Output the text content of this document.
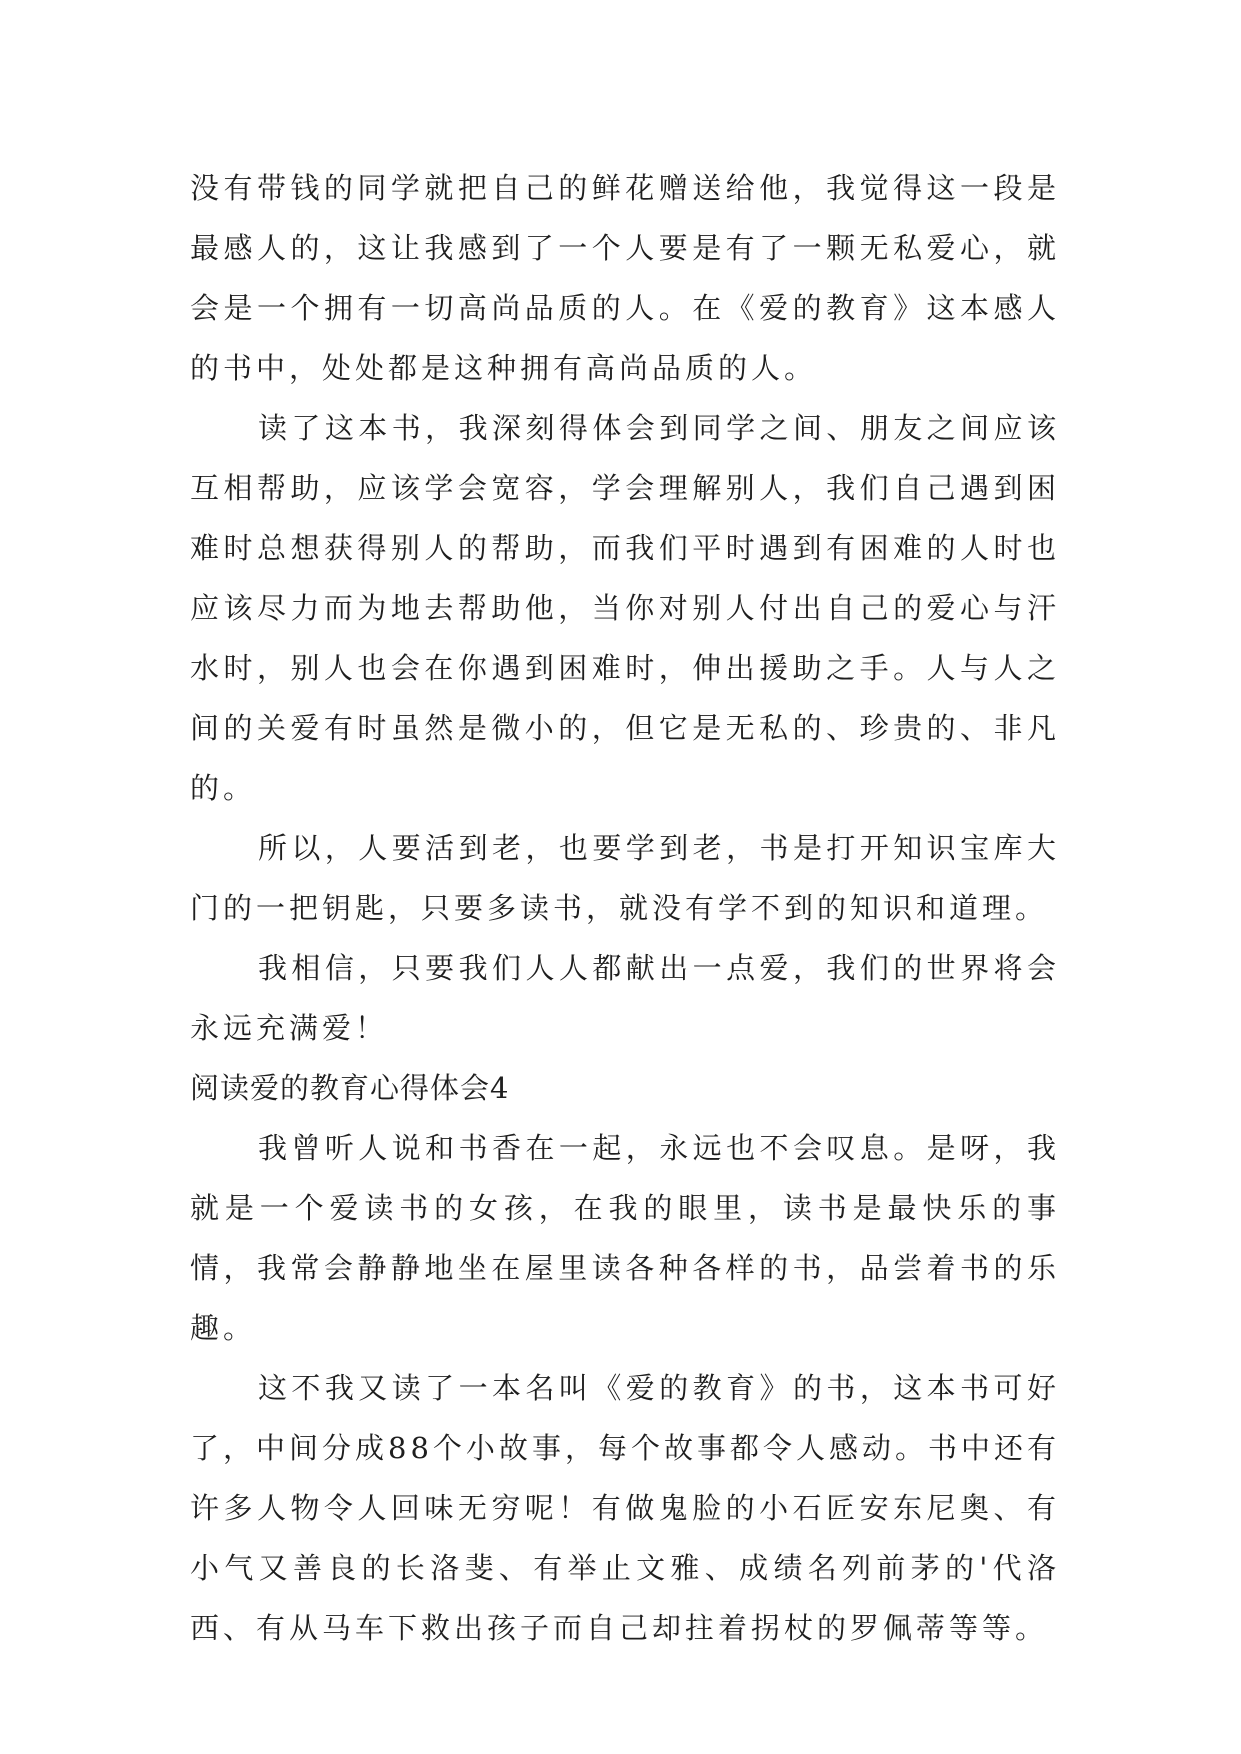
没有带钱的同学就把自己的鲜花赠送给他，我觉得这一段是最感人的，这让我感到了一个人要是有了一颗无私爱心，就会是一个拥有一切高尚品质的人。在《爱的教育》这本感人的书中，处处都是这种拥有高尚品质的人。

读了这本书，我深刻得体会到同学之间、朋友之间应该互相帮助，应该学会宽容，学会理解别人，我们自己遇到困难时总想获得别人的帮助，而我们平时遇到有困难的人时也应该尽力而为地去帮助他，当你对别人付出自己的爱心与汗水时，别人也会在你遇到困难时，伸出援助之手。人与人之间的关爱有时虽然是微小的，但它是无私的、珍贵的、非凡的。

所以，人要活到老，也要学到老，书是打开知识宝库大门的一把钥匙，只要多读书，就没有学不到的知识和道理。

我相信，只要我们人人都献出一点爱，我们的世界将会永远充满爱！

阅读爱的教育心得体会4

我曾听人说和书香在一起，永远也不会叹息。是呀，我就是一个爱读书的女孩，在我的眼里，读书是最快乐的事情，我常会静静地坐在屋里读各种各样的书，品尝着书的乐趣。

这不我又读了一本名叫《爱的教育》的书，这本书可好了，中间分成88个小故事，每个故事都令人感动。书中还有许多人物令人回味无穷呢！有做鬼脸的小石匠安东尼奥、有小气又善良的长洛斐、有举止文雅、成绩名列前茅的'代洛西、有从马车下救出孩子而自己却拄着拐杖的罗佩蒂等等。
